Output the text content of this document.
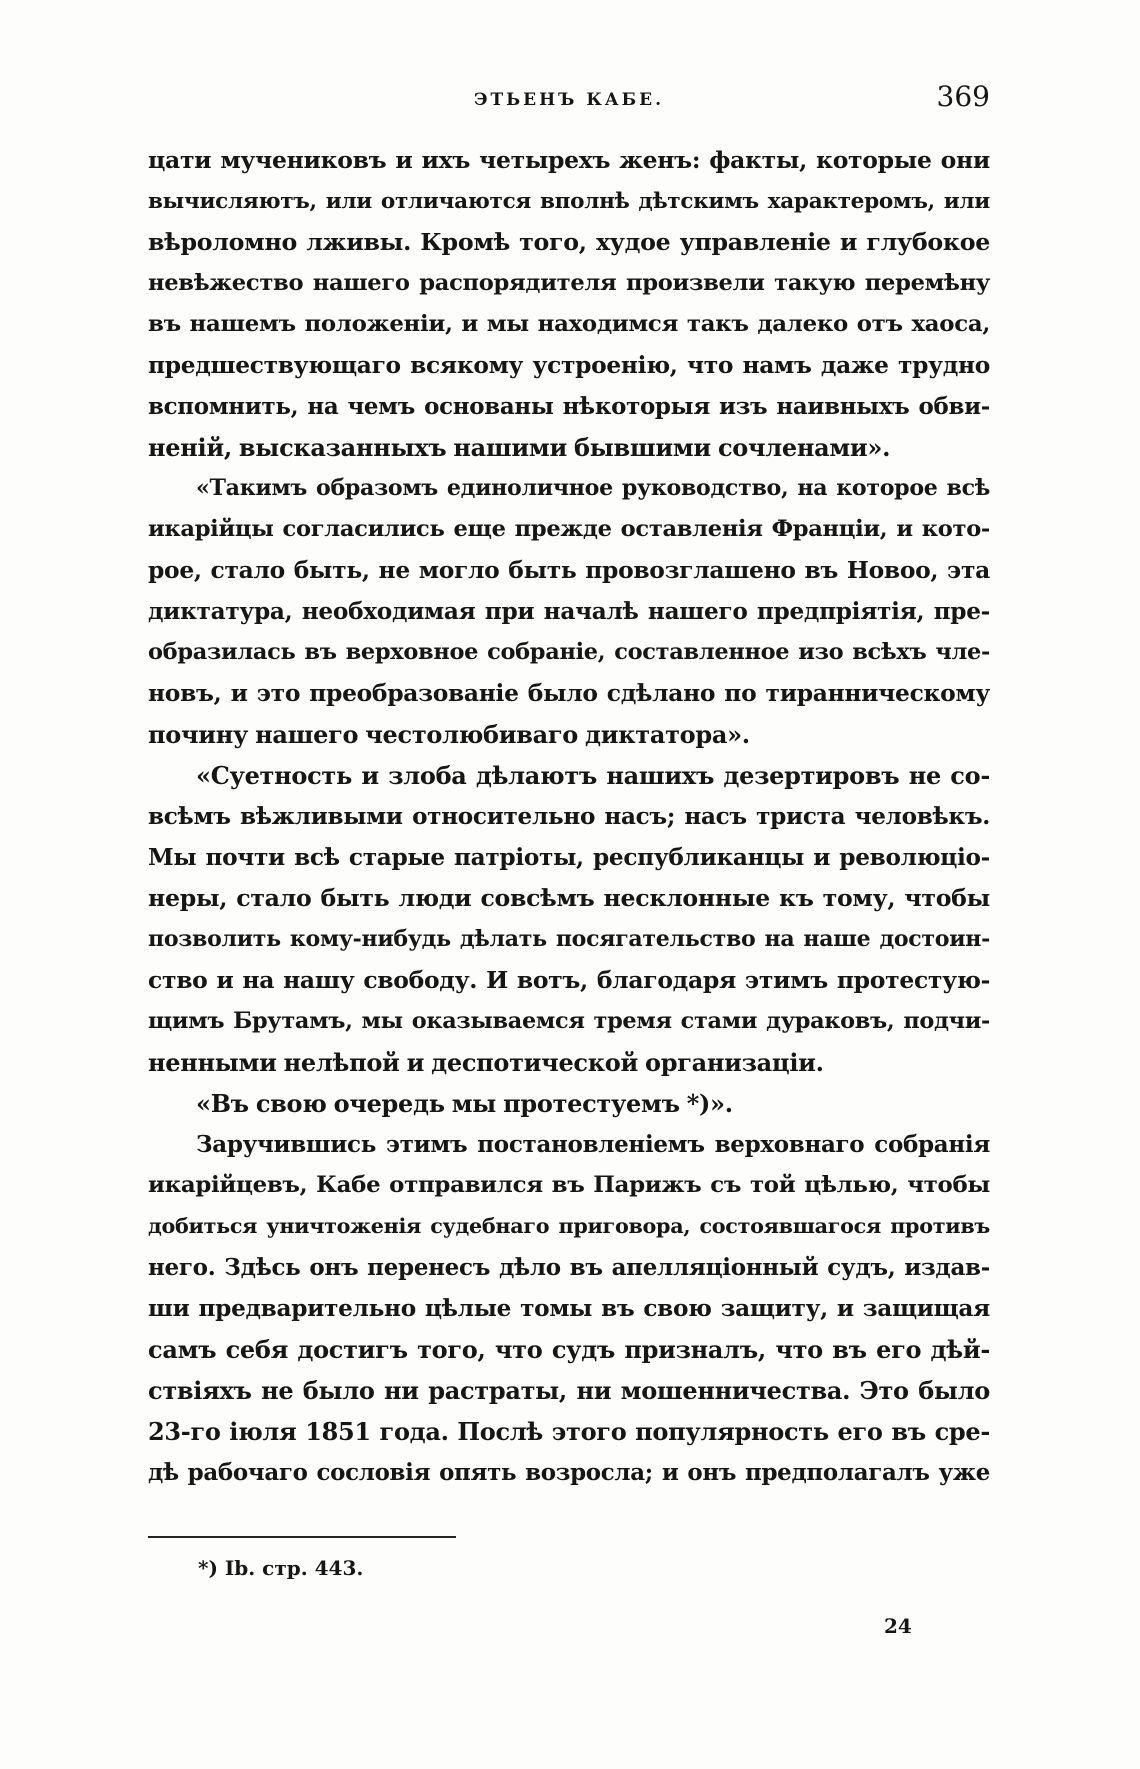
ЭТЬЕНЪ КАБЕ.	369

цати мучениковъ и ихъ четырехъ женъ: факты, которые они
вычисляютъ, или отличаются вполнѣ дѣтскимъ характеромъ, или
вѣроломно лживы. Кромѣ того, худое управленіе и глубокое
невѣжество нашего распорядителя произвели такую перемѣну
въ нашемъ положеніи, и мы находимся такъ далеко отъ хаоса,
предшествующаго всякому устроенію, что намъ даже трудно
вспомнить, на чемъ основаны нѣкоторыя изъ наивныхъ обви-
неній, высказанныхъ нашими бывшими сочленами».

«Такимъ образомъ единоличное руководство, на которое всѣ
икарійцы согласились еще прежде оставленія Франціи, и кото-
рое, стало быть, не могло быть провозглашено въ Новоо, эта
диктатура, необходимая при началѣ нашего предпріятія, пре-
образилась въ верховное собраніе, составленное изо всѣхъ чле-
новъ, и это преобразованіе было сдѣлано по тиранническому
почину нашего честолюбиваго диктатора».

«Суетность и злоба дѣлаютъ нашихъ дезертировъ не со-
всѣмъ вѣжливыми относительно насъ; насъ триста человѣкъ.
Мы почти всѣ старые патріоты, республиканцы и революціо-
неры, стало быть люди совсѣмъ несклонные къ тому, чтобы
позволить кому-нибудь дѣлать посягательство на наше достоин-
ство и на нашу свободу. И вотъ, благодаря этимъ протестую-
щимъ Брутамъ, мы оказываемся тремя стами дураковъ, подчи-
ненными нелѣпой и деспотической организаціи.

«Въ свою очередь мы протестуемъ *)».

Заручившись этимъ постановленіемъ верховнаго собранія
икарійцевъ, Кабе отправился въ Парижъ съ той цѣлью, чтобы
добиться уничтоженія судебнаго приговора, состоявшагося противъ
него. Здѣсь онъ перенесъ дѣло въ апелляціонный судъ, издав-
ши предварительно цѣлые томы въ свою защиту, и защищая
самъ себя достигъ того, что судъ призналъ, что въ его дѣй-
ствіяхъ не было ни растраты, ни мошенничества. Это было
23-го іюля 1851 года. Послѣ этого популярность его въ сре-
дѣ рабочаго сословія опять возросла; и онъ предполагалъ уже

*) Ib. стр. 443.
24
